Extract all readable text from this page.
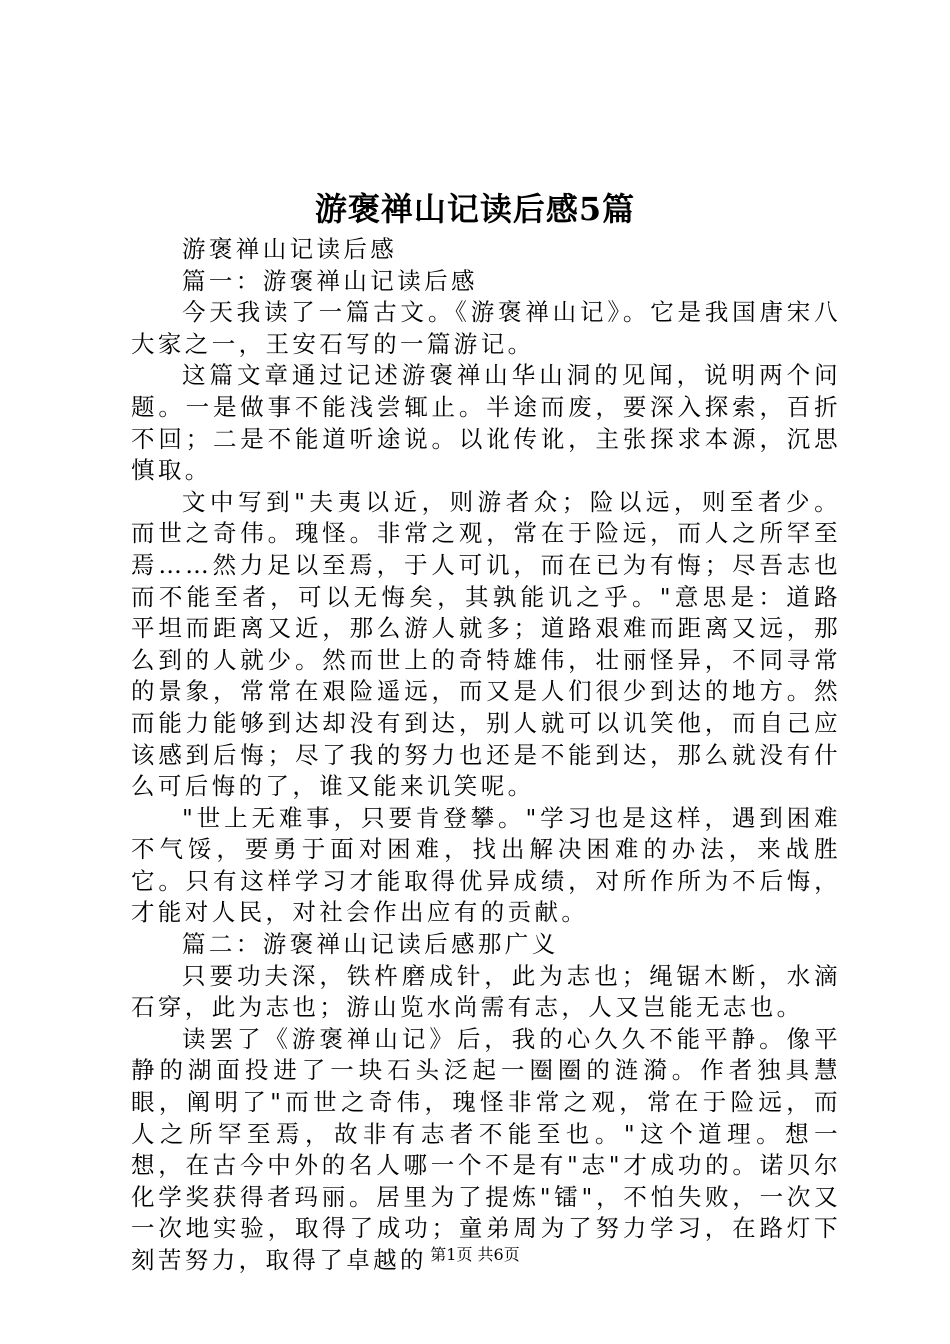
游褒禅山记读后感5篇

游褒禅山记读后感

篇一：游褒禅山记读后感

今天我读了一篇古文。《游褒禅山记》。它是我国唐宋八大家之一，王安石写的一篇游记。

这篇文章通过记述游褒禅山华山洞的见闻，说明两个问题。一是做事不能浅尝辄止。半途而废，要深入探索，百折不回；二是不能道听途说。以讹传讹，主张探求本源，沉思慎取。

文中写到"夫夷以近，则游者众；险以远，则至者少。而世之奇伟。瑰怪。非常之观，常在于险远，而人之所罕至焉……然力足以至焉，于人可讥，而在已为有悔；尽吾志也而不能至者，可以无悔矣，其孰能讥之乎。"意思是：道路平坦而距离又近，那么游人就多；道路艰难而距离又远，那么到的人就少。然而世上的奇特雄伟，壮丽怪异，不同寻常的景象，常常在艰险遥远，而又是人们很少到达的地方。然而能力能够到达却没有到达，别人就可以讥笑他，而自己应该感到后悔；尽了我的努力也还是不能到达，那么就没有什么可后悔的了，谁又能来讥笑呢。

"世上无难事，只要肯登攀。"学习也是这样，遇到困难不气馁，要勇于面对困难，找出解决困难的办法，来战胜它。只有这样学习才能取得优异成绩，对所作所为不后悔，才能对人民，对社会作出应有的贡献。

篇二：游褒禅山记读后感那广义

只要功夫深，铁杵磨成针，此为志也；绳锯木断，水滴石穿，此为志也；游山览水尚需有志，人又岂能无志也。

读罢了《游褒禅山记》后，我的心久久不能平静。像平静的湖面投进了一块石头泛起一圈圈的涟漪。作者独具慧眼，阐明了"而世之奇伟，瑰怪非常之观，常在于险远，而人之所罕至焉，故非有志者不能至也。"这个道理。想一想，在古今中外的名人哪一个不是有"志"才成功的。诺贝尔化学奖获得者玛丽。居里为了提炼"镭"，不怕失败，一次又一次地实验，取得了成功；童弟周为了努力学习，在路灯下刻苦努力，取得了卓越的 第1页 共6页
